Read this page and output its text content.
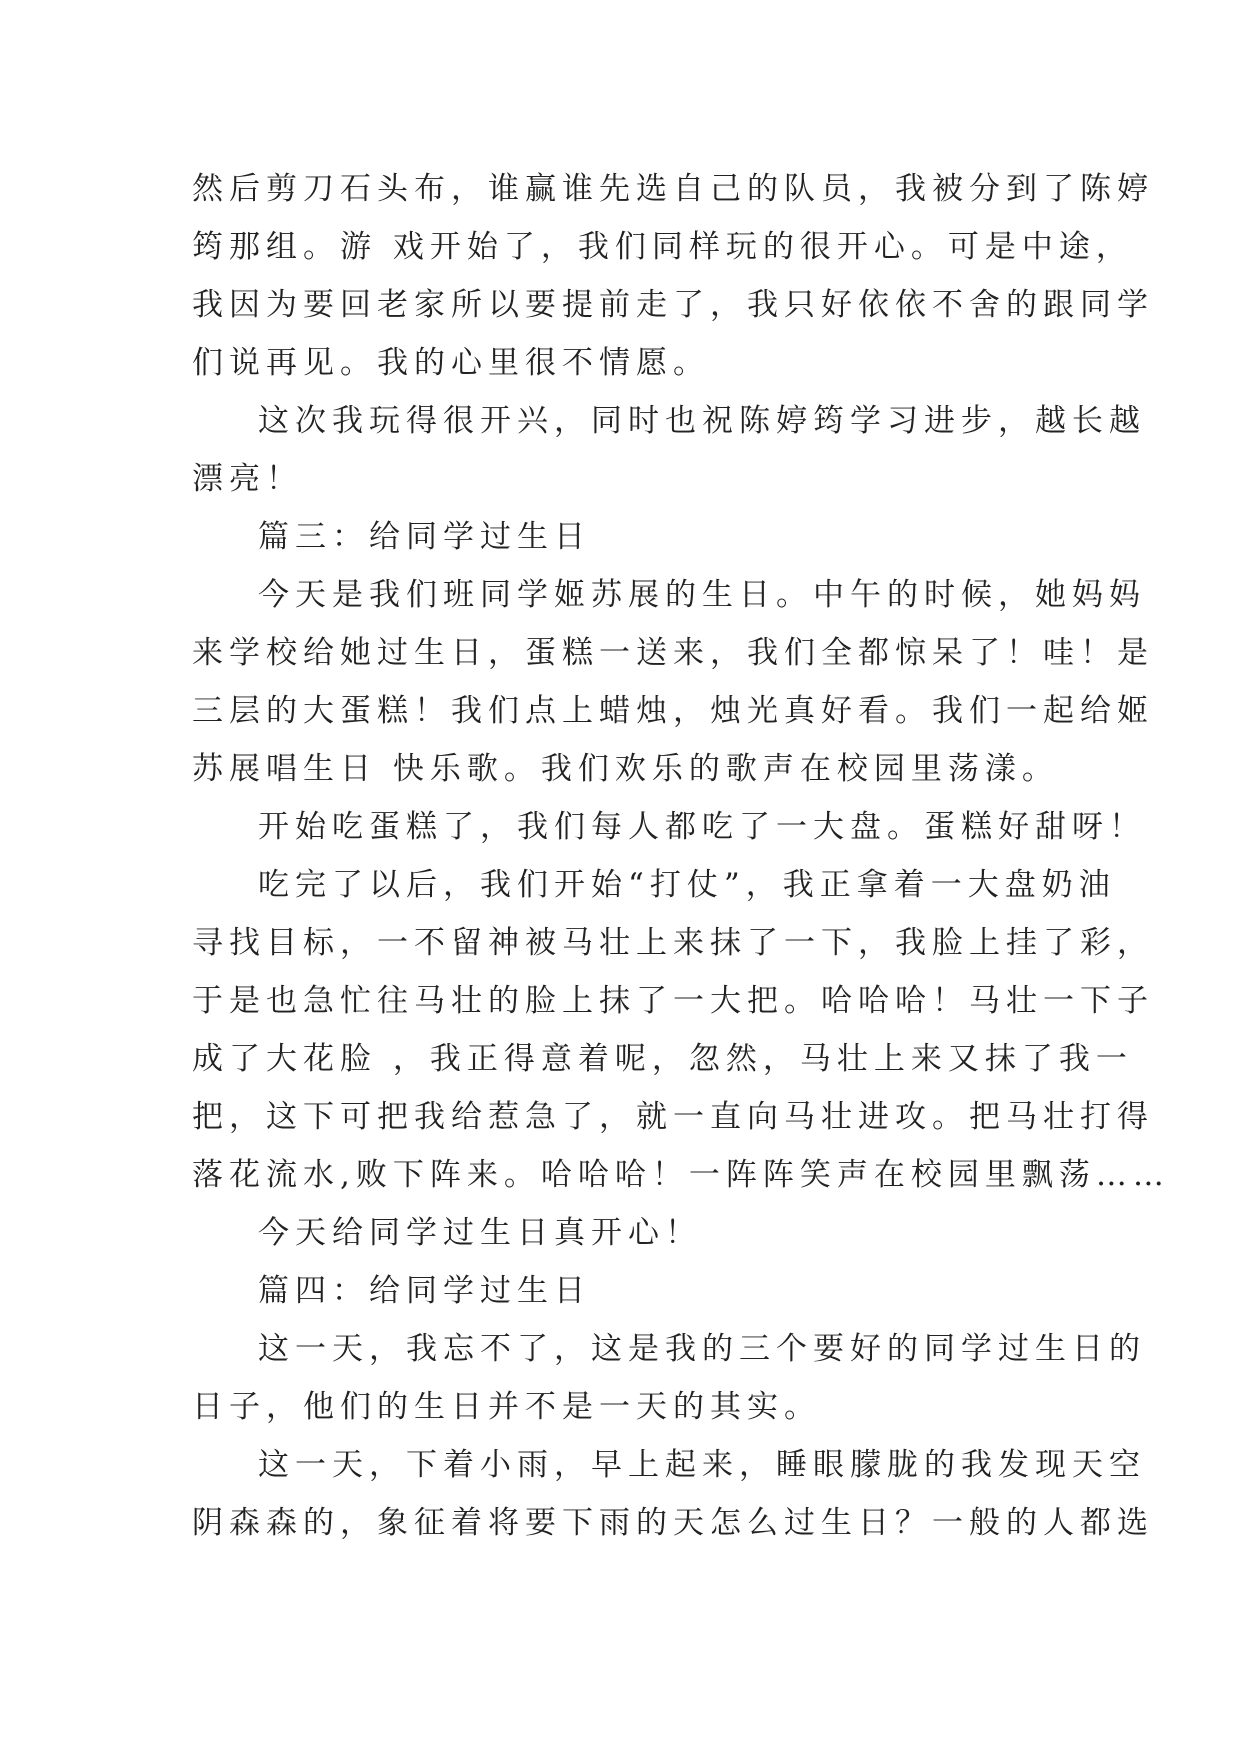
然后剪刀石头布，谁赢谁先选自己的队员，我被分到了陈婷
筠那组。游 戏开始了，我们同样玩的很开心。可是中途，
我因为要回老家所以要提前走了，我只好依依不舍的跟同学
们说再见。我的心里很不情愿。
这次我玩得很开兴，同时也祝陈婷筠学习进步，越长越
漂亮！
篇三：给同学过生日
今天是我们班同学姬苏展的生日。中午的时候，她妈妈
来学校给她过生日，蛋糕一送来，我们全都惊呆了！哇！是
三层的大蛋糕！我们点上蜡烛，烛光真好看。我们一起给姬
苏展唱生日 快乐歌。我们欢乐的歌声在校园里荡漾。
开始吃蛋糕了，我们每人都吃了一大盘。蛋糕好甜呀！
吃完了以后，我们开始“打仗”，我正拿着一大盘奶油
寻找目标，一不留神被马壮上来抹了一下，我脸上挂了彩，
于是也急忙往马壮的脸上抹了一大把。哈哈哈！马壮一下子
成了大花脸 ，我正得意着呢，忽然，马壮上来又抹了我一
把，这下可把我给惹急了，就一直向马壮进攻。把马壮打得
落花流水,败下阵来。哈哈哈！一阵阵笑声在校园里飘荡……
今天给同学过生日真开心！
篇四：给同学过生日
这一天，我忘不了，这是我的三个要好的同学过生日的
日子，他们的生日并不是一天的其实。
这一天，下着小雨，早上起来，睡眼朦胧的我发现天空
阴森森的，象征着将要下雨的天怎么过生日？一般的人都选
